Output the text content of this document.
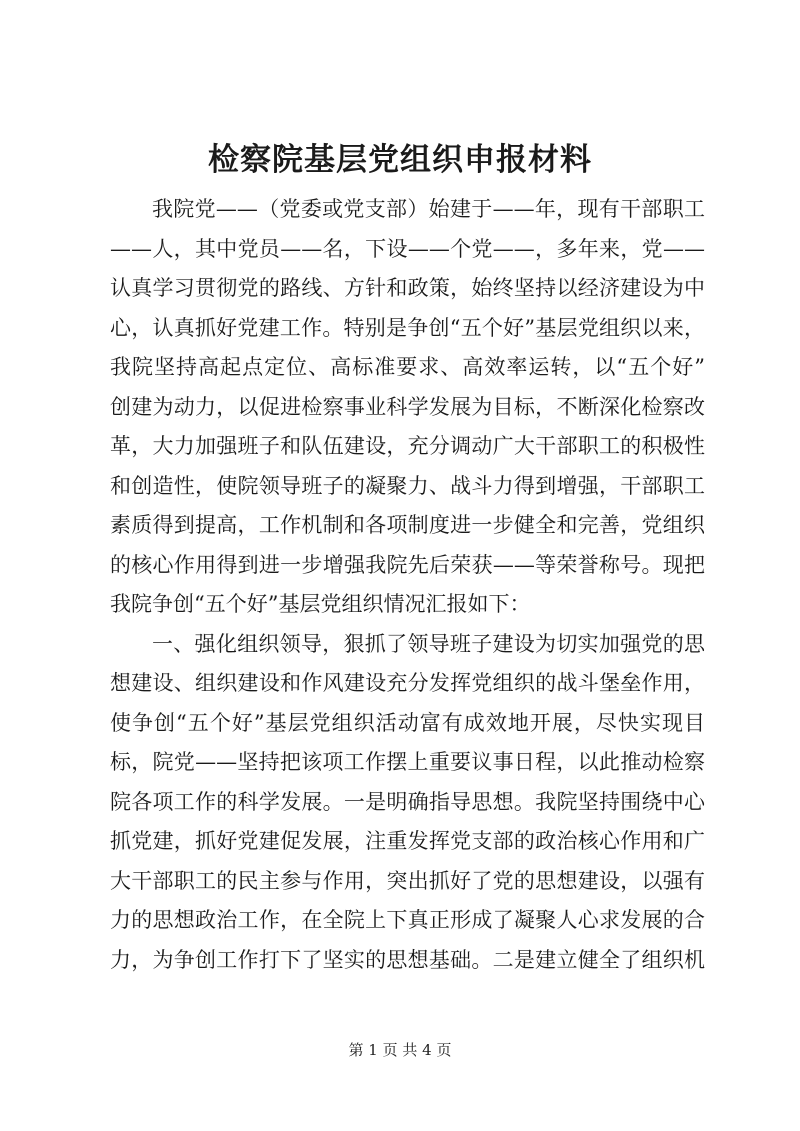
检察院基层党组织申报材料
我院党——（党委或党支部）始建于——年，现有干部职工
——人，其中党员——名，下设——个党——，多年来，党——
认真学习贯彻党的路线、方针和政策，始终坚持以经济建设为中
心，认真抓好党建工作。特别是争创“五个好”基层党组织以来，
我院坚持高起点定位、高标准要求、高效率运转，以“五个好”
创建为动力，以促进检察事业科学发展为目标，不断深化检察改
革，大力加强班子和队伍建设，充分调动广大干部职工的积极性
和创造性，使院领导班子的凝聚力、战斗力得到增强，干部职工
素质得到提高，工作机制和各项制度进一步健全和完善，党组织
的核心作用得到进一步增强我院先后荣获——等荣誉称号。现把
我院争创“五个好”基层党组织情况汇报如下：
一、强化组织领导，狠抓了领导班子建设为切实加强党的思
想建设、组织建设和作风建设充分发挥党组织的战斗堡垒作用，
使争创“五个好”基层党组织活动富有成效地开展，尽快实现目
标，院党——坚持把该项工作摆上重要议事日程，以此推动检察
院各项工作的科学发展。一是明确指导思想。我院坚持围绕中心
抓党建，抓好党建促发展，注重发挥党支部的政治核心作用和广
大干部职工的民主参与作用，突出抓好了党的思想建设，以强有
力的思想政治工作，在全院上下真正形成了凝聚人心求发展的合
力，为争创工作打下了坚实的思想基础。二是建立健全了组织机
第 1 页 共 4 页
